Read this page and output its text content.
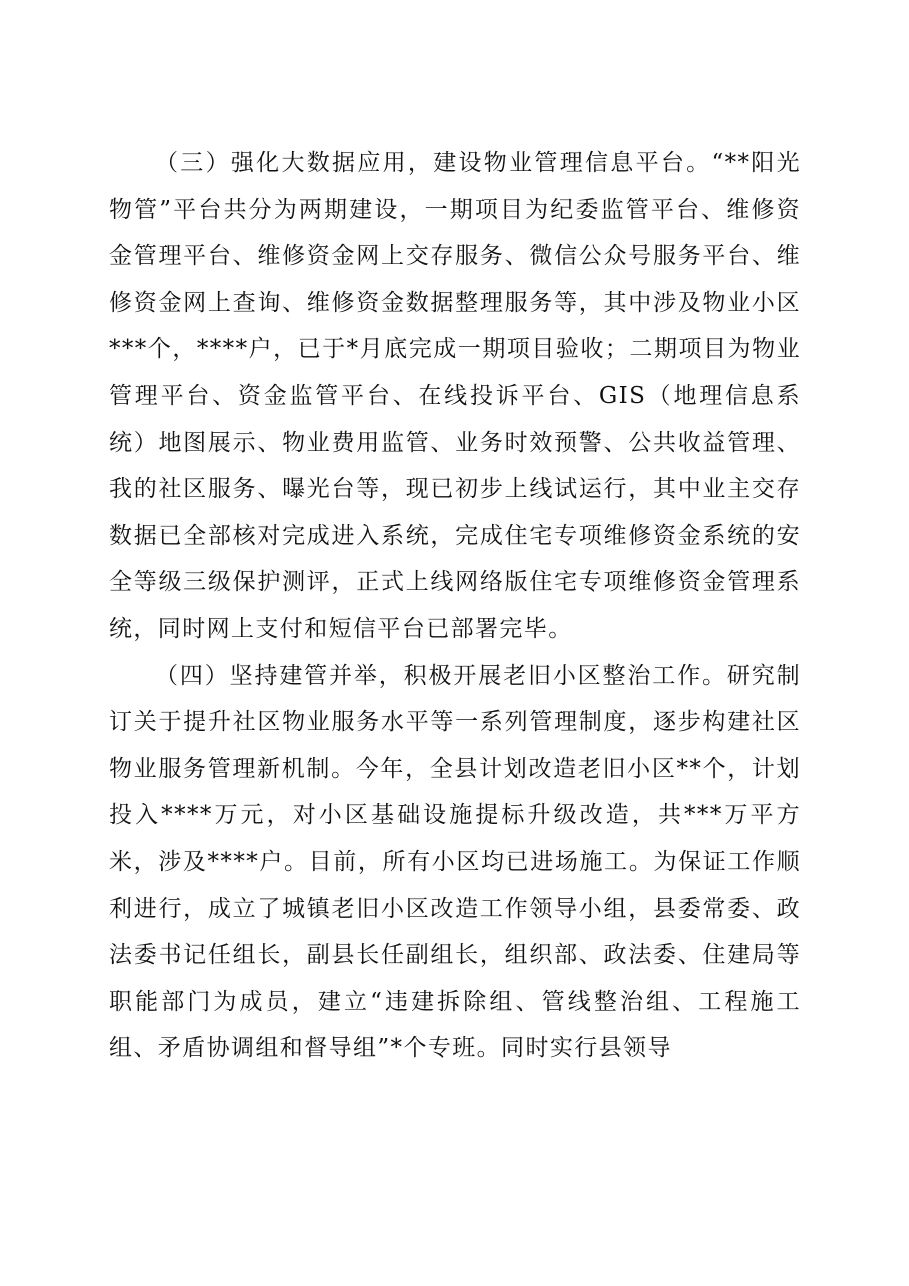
（三）强化大数据应用，建设物业管理信息平台。“**阳光物管”平台共分为两期建设，一期项目为纪委监管平台、维修资金管理平台、维修资金网上交存服务、微信公众号服务平台、维修资金网上查询、维修资金数据整理服务等，其中涉及物业小区***个，****户，已于*月底完成一期项目验收；二期项目为物业管理平台、资金监管平台、在线投诉平台、GIS（地理信息系统）地图展示、物业费用监管、业务时效预警、公共收益管理、我的社区服务、曝光台等，现已初步上线试运行，其中业主交存数据已全部核对完成进入系统，完成住宅专项维修资金系统的安全等级三级保护测评，正式上线网络版住宅专项维修资金管理系统，同时网上支付和短信平台已部署完毕。

（四）坚持建管并举，积极开展老旧小区整治工作。研究制订关于提升社区物业服务水平等一系列管理制度，逐步构建社区物业服务管理新机制。今年，全县计划改造老旧小区**个，计划投入****万元，对小区基础设施提标升级改造，共***万平方米，涉及****户。目前，所有小区均已进场施工。为保证工作顺利进行，成立了城镇老旧小区改造工作领导小组，县委常委、政法委书记任组长，副县长任副组长，组织部、政法委、住建局等职能部门为成员，建立“违建拆除组、管线整治组、工程施工组、矛盾协调组和督导组”*个专班。同时实行县领导
